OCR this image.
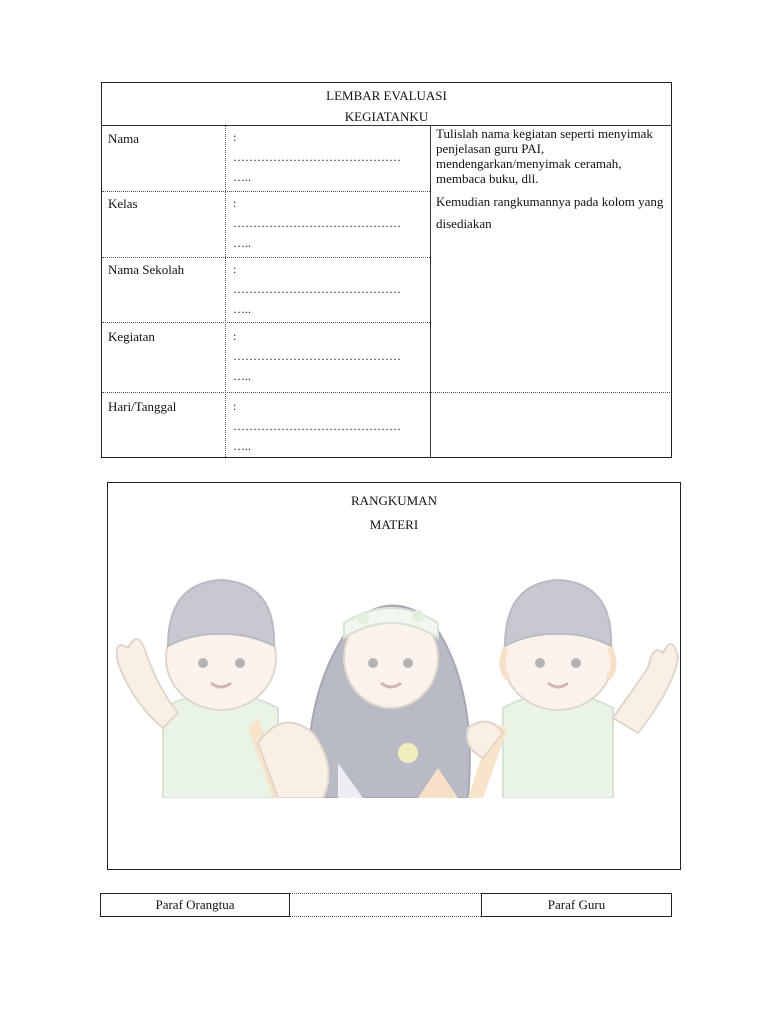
LEMBAR EVALUASI
KEGIATANKU
Nama	:
……………………………………
…..
Kelas	:
……………………………………
…..
Nama Sekolah	:
……………………………………
…..
Kegiatan	:
……………………………………
…..
Hari/Tanggal	:
……………………………………
…..

Tulislah nama kegiatan seperti menyimak penjelasan guru PAI, mendengarkan/menyimak ceramah, membaca buku, dll.

Kemudian rangkumannya pada kolom yang disediakan

RANGKUMAN
MATERI
Paraf Orangtua	Paraf Guru
